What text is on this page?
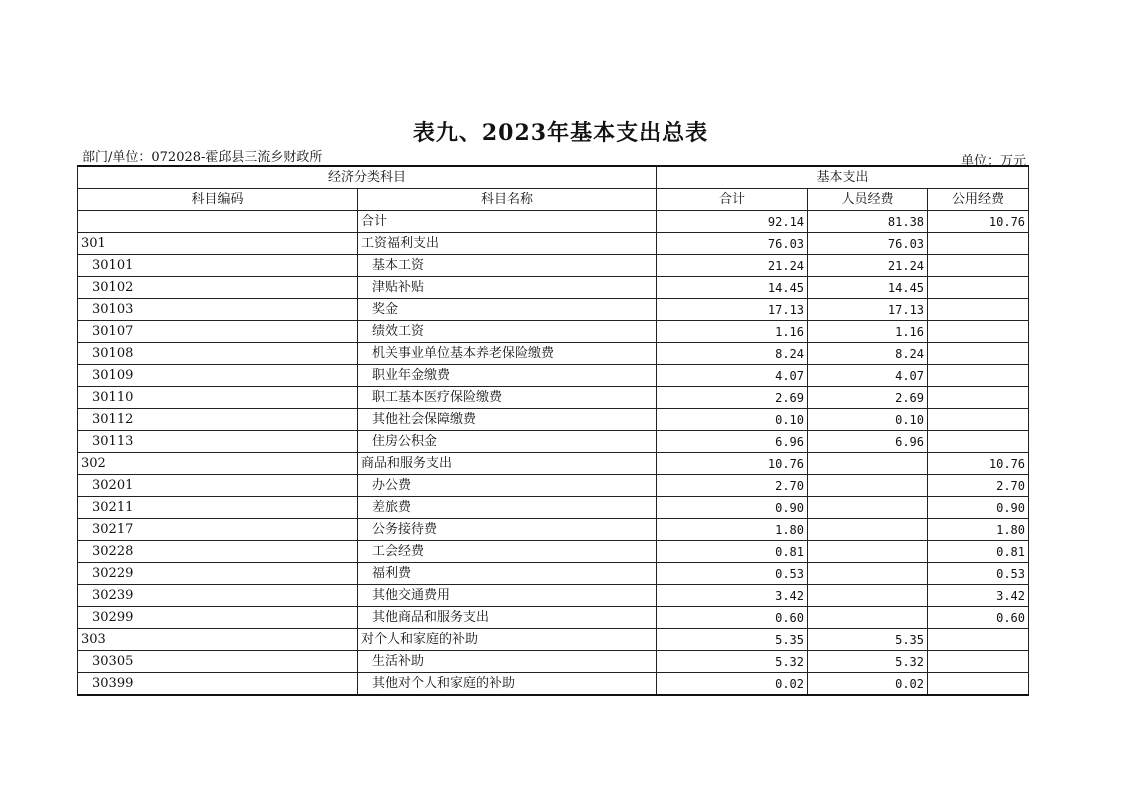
表九、2023年基本支出总表
部门/单位：072028-霍邱县三流乡财政所	单位：万元
经济分类科目		基本支出		
科目编码	科目名称	合计	人员经费	公用经费
	合计	92.14	81.38	10.76
301	工资福利支出	76.03	76.03	
30101	基本工资	21.24	21.24	
30102	津贴补贴	14.45	14.45	
30103	奖金	17.13	17.13	
30107	绩效工资	1.16	1.16	
30108	机关事业单位基本养老保险缴费	8.24	8.24	
30109	职业年金缴费	4.07	4.07	
30110	职工基本医疗保险缴费	2.69	2.69	
30112	其他社会保障缴费	0.10	0.10	
30113	住房公积金	6.96	6.96	
302	商品和服务支出	10.76		10.76
30201	办公费	2.70		2.70
30211	差旅费	0.90		0.90
30217	公务接待费	1.80		1.80
30228	工会经费	0.81		0.81
30229	福利费	0.53		0.53
30239	其他交通费用	3.42		3.42
30299	其他商品和服务支出	0.60		0.60
303	对个人和家庭的补助	5.35	5.35	
30305	生活补助	5.32	5.32	
30399	其他对个人和家庭的补助	0.02	0.02	
